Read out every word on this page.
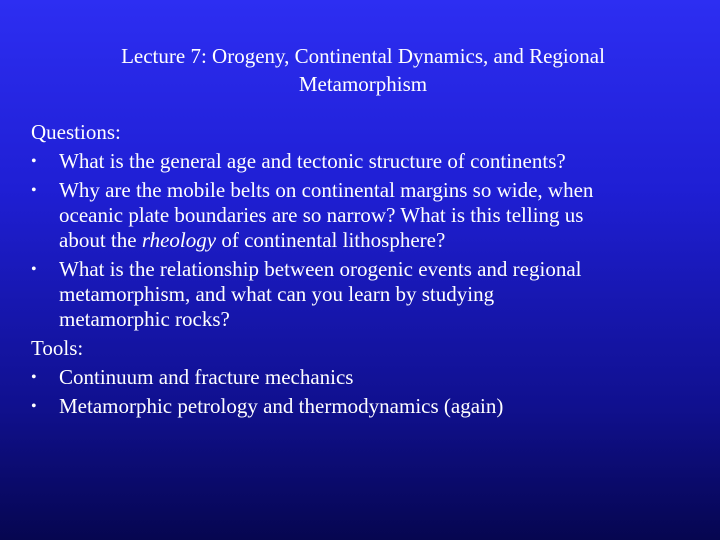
Lecture 7: Orogeny, Continental Dynamics, and Regional
Metamorphism
Questions:
•	What is the general age and tectonic structure of continents?
•	Why are the mobile belts on continental margins so wide, when
oceanic plate boundaries are so narrow? What is this telling us
about the rheology of continental lithosphere?
•	What is the relationship between orogenic events and regional
metamorphism, and what can you learn by studying
metamorphic rocks?
Tools:
•	Continuum and fracture mechanics
•	Metamorphic petrology and thermodynamics (again)
